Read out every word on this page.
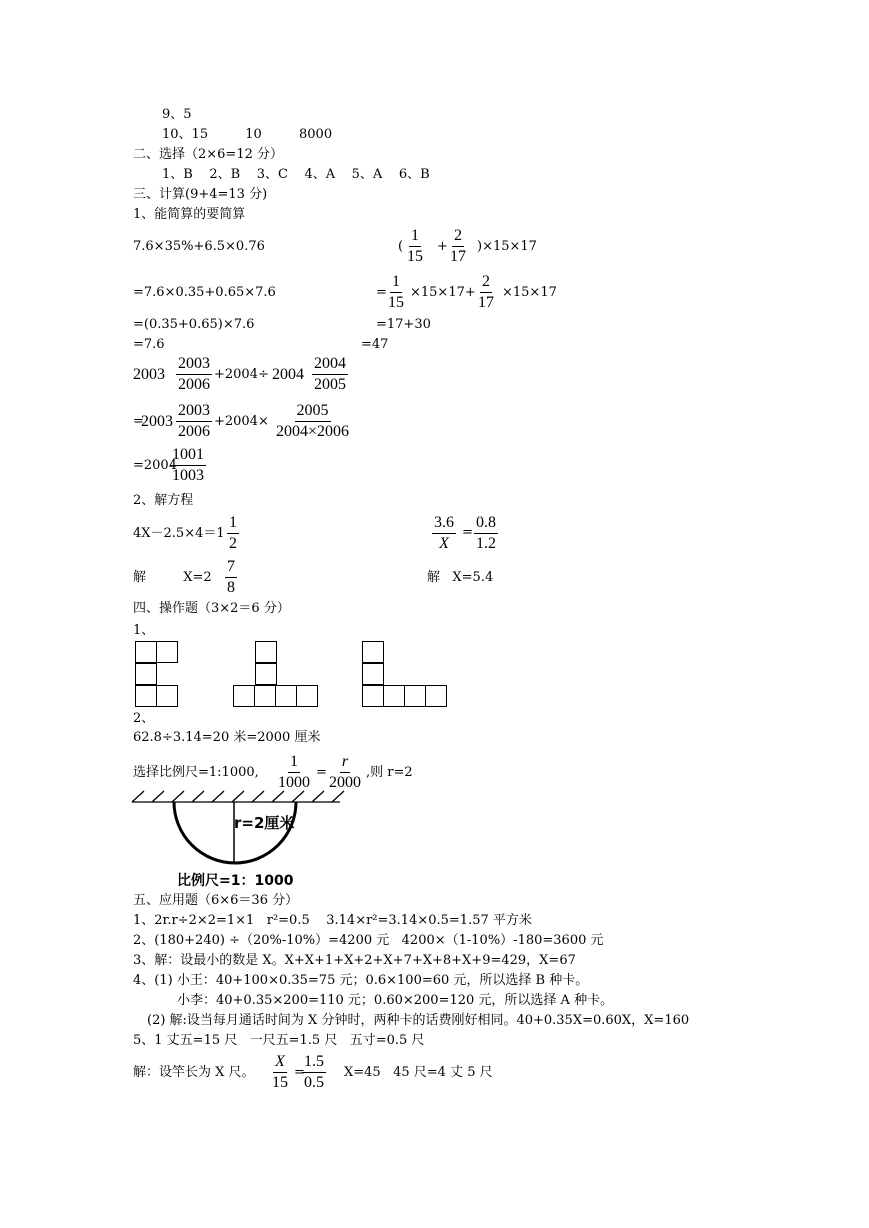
9、5
10、15         10         8000
二、选择（2×6=12 分）
1、B    2、B    3、C    4、A    5、A    6、B
三、计算(9+4=13 分)
1、能简算的要简算
7.6×35%+6.5×0.76
=7.6×0.35+0.65×7.6
=(0.35+0.65)×7.6
=7.6
( $\frac{1}{15} + \frac{2}{17} )\times 15\times 17$
= $\frac{1}{15} \times 15\times 17+ \frac{2}{17} \times 15\times 17$
=17+30
=47
$2003 \frac{2003}{2006} +2004\div 2004 \frac{2004}{2005}$
=
$2003 \frac{2003}{2006} +2004\times \frac{2005}{2004\times 2006}$
=2004
$\frac{1001}{1003}$
2、解方程
$4X-2.5\times 4=1 \frac{1}{2}$
解         $X=2 \frac{7}{8}$
$\frac{3.6}{X} = \frac{0.8}{1.2}$
解   X=5.4
四、操作题（3×2＝6 分）
1、
2、
62.8÷3.14=20 米=2000 厘米
选择比例尺=1:1000, $\frac{1}{1000} = \frac{r}{2000}$ ,则 r=2
r=2厘米
比例尺=1：1000
五、应用题（6×6＝36 分）
1、2r.r÷2×2=1×1   r²=0.5    3.14×r²=3.14×0.5=1.57 平方米
2、(180+240) ÷（20%-10%）=4200 元   4200×（1-10%）-180=3600 元
3、解：设最小的数是 X。X+X+1+X+2+X+7+X+8+X+9=429，X=67
4、(1) 小王：40+100×0.35=75 元；0.6×100=60 元，所以选择 B 种卡。
小李：40+0.35×200=110 元；0.60×200=120 元，所以选择 A 种卡。
(2) 解:设当每月通话时间为 X 分钟时，两种卡的话费刚好相同。40+0.35X=0.60X，X=160
5、1 丈五=15 尺   一尺五=1.5 尺   五寸=0.5 尺
解：设竿长为 X 尺。 $\frac{X}{15}$ =
$\frac{1.5}{0.5} X=45$   45 尺=4 丈 5 尺
